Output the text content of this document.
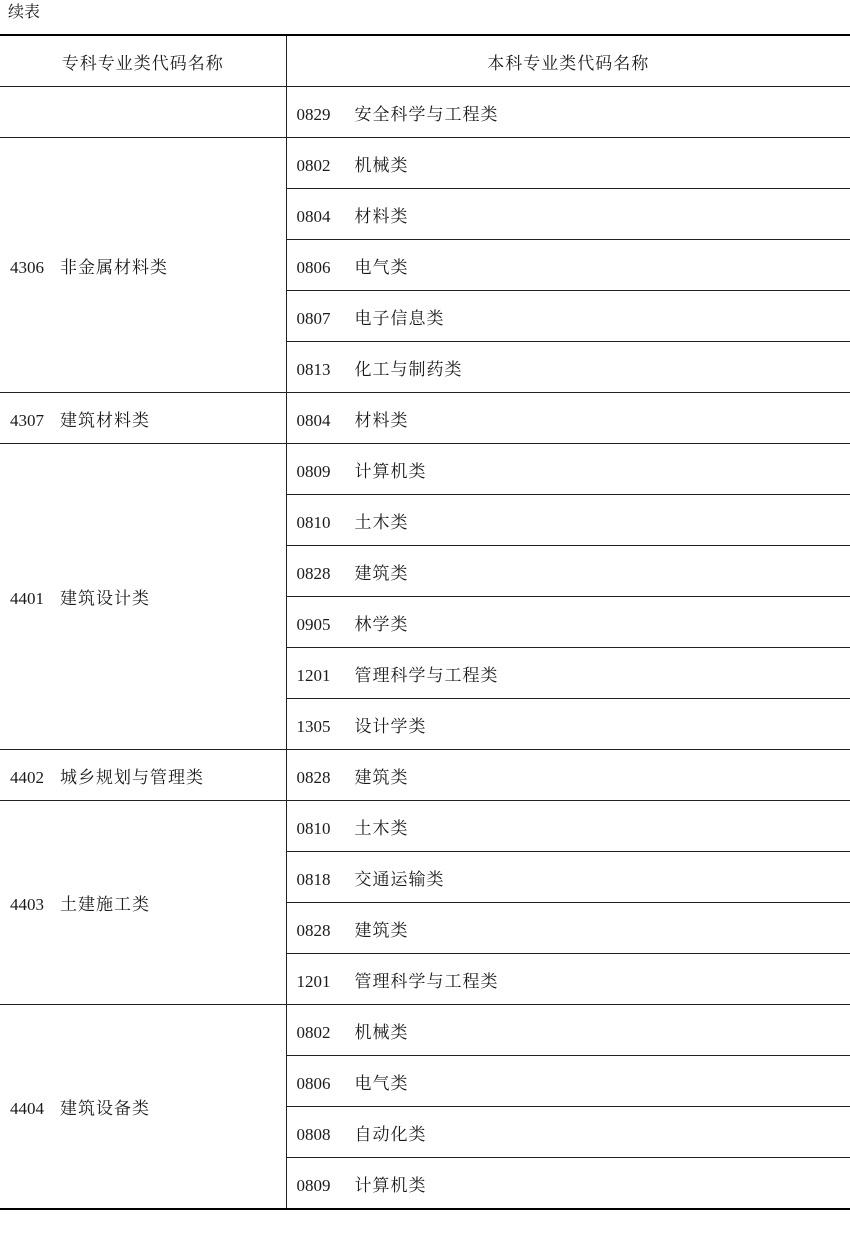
续表
专科专业类代码名称	本科专业类代码名称
	0829 安全科学与工程类
4306 非金属材料类	0802 机械类
	0804 材料类
	0806 电气类
	0807 电子信息类
	0813 化工与制药类
4307 建筑材料类	0804 材料类
4401 建筑设计类	0809 计算机类
	0810 土木类
	0828 建筑类
	0905 林学类
	1201 管理科学与工程类
	1305 设计学类
4402 城乡规划与管理类	0828 建筑类
4403 土建施工类	0810 土木类
	0818 交通运输类
	0828 建筑类
	1201 管理科学与工程类
4404 建筑设备类	0802 机械类
	0806 电气类
	0808 自动化类
	0809 计算机类
